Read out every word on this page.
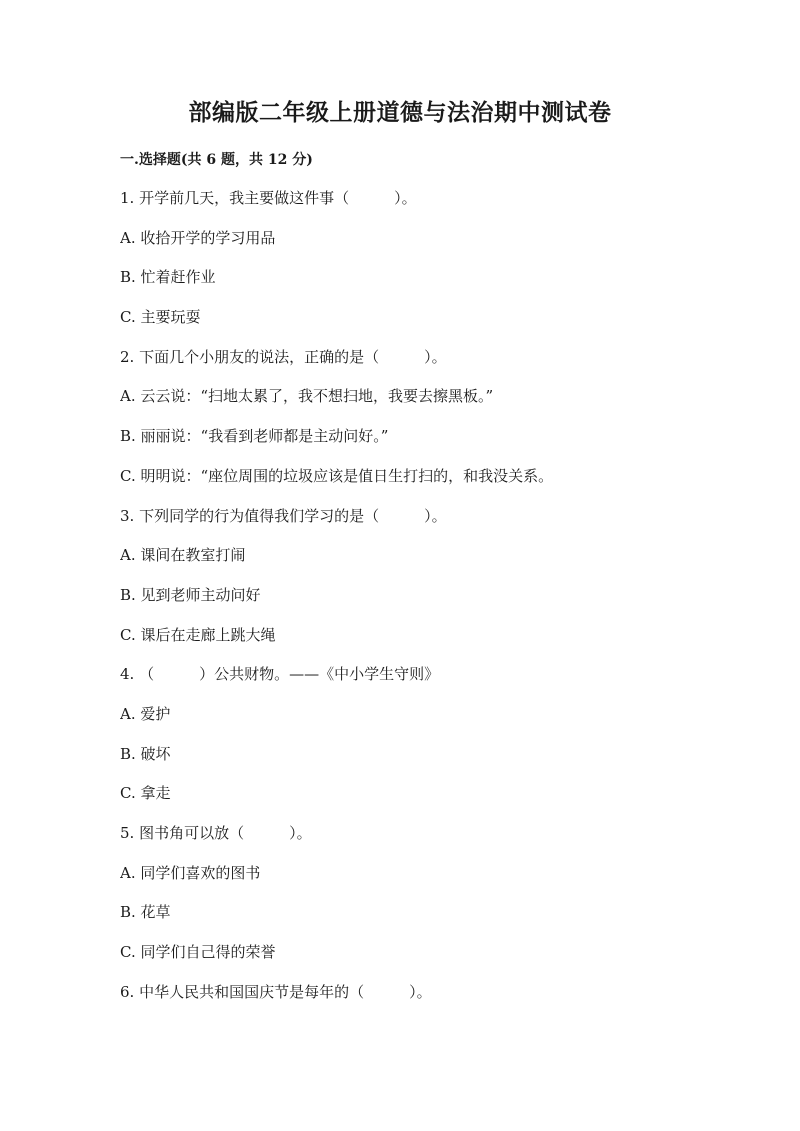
部编版二年级上册道德与法治期中测试卷
一.选择题(共 6 题，共 12 分)
1. 开学前几天，我主要做这件事（　　　）。
A. 收拾开学的学习用品
B. 忙着赶作业
C. 主要玩耍
2. 下面几个小朋友的说法，正确的是（　　　）。
A. 云云说：“扫地太累了，我不想扫地，我要去擦黑板。”
B. 丽丽说：“我看到老师都是主动问好。”
C. 明明说：“座位周围的垃圾应该是值日生打扫的，和我没关系。
3. 下列同学的行为值得我们学习的是（　　　）。
A. 课间在教室打闹
B. 见到老师主动问好
C. 课后在走廊上跳大绳
4. （　　　）公共财物。——《中小学生守则》
A. 爱护
B. 破坏
C. 拿走
5. 图书角可以放（　　　）。
A. 同学们喜欢的图书
B. 花草
C. 同学们自己得的荣誉
6. 中华人民共和国国庆节是每年的（　　　）。
